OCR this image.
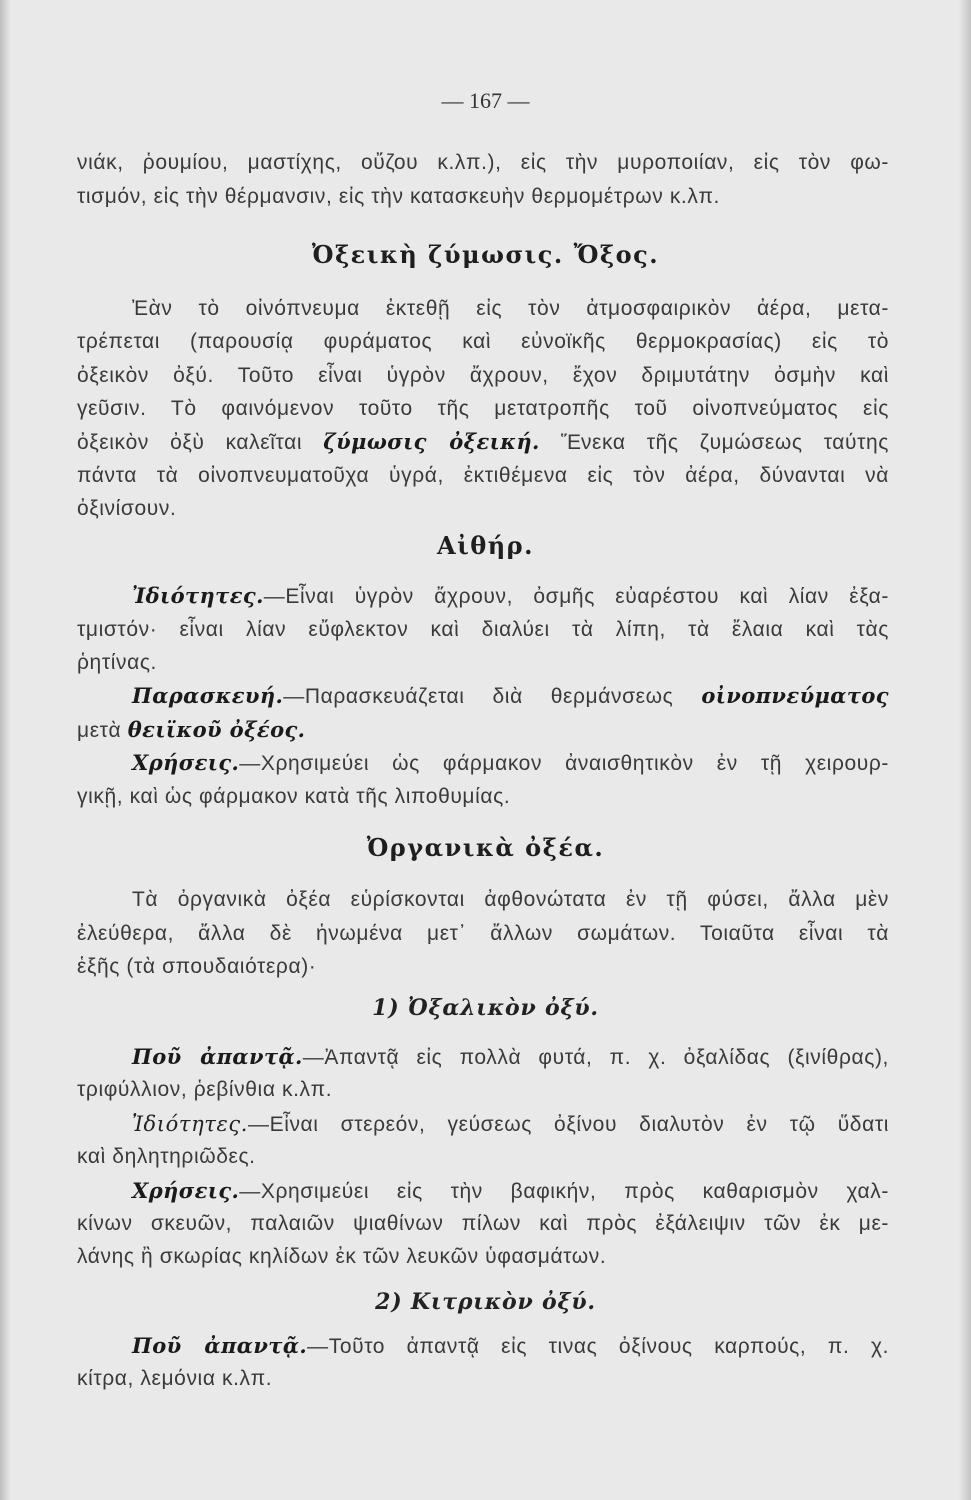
— 167 —
νιάκ, ῥουμίου, μαστίχης, οὔζου κ.λπ.), εἰς τὴν μυροποιίαν, εἰς τὸν φω-
τισμόν, εἰς τὴν θέρμανσιν, εἰς τὴν κατασκευὴν θερμομέτρων κ.λπ.
Ὀξεικὴ ζύμωσις. Ὄξος.
Ἐὰν τὸ οἰνόπνευμα ἐκτεθῇ εἰς τὸν ἀτμοσφαιρικὸν ἀέρα, μετα-
τρέπεται (παρουσίᾳ φυράματος καὶ εὐνοϊκῆς θερμοκρασίας) εἰς τὸ
ὀξεικὸν ὀξύ. Τοῦτο εἶναι ὑγρὸν ἄχρουν, ἔχον δριμυτάτην ὀσμὴν καὶ
γεῦσιν. Τὸ φαινόμενον τοῦτο τῆς μετατροπῆς τοῦ οἰνοπνεύματος εἰς
ὀξεικὸν ὀξὺ καλεῖται ζύμωσις ὀξεική. Ἕνεκα τῆς ζυμώσεως ταύτης
πάντα τὰ οἰνοπνευματοῦχα ὑγρά, ἐκτιθέμενα εἰς τὸν ἀέρα, δύνανται νὰ
ὀξινίσουν.
Αἰθήρ.
Ἰδιότητες.—Εἶναι ὑγρὸν ἄχρουν, ὀσμῆς εὐαρέστου καὶ λίαν ἐξα-
τμιστόν· εἶναι λίαν εὔφλεκτον καὶ διαλύει τὰ λίπη, τὰ ἔλαια καὶ τὰς
ῥητίνας.
Παρασκευή.—Παρασκευάζεται διὰ θερμάνσεως οἰνοπνεύματος
μετὰ θειϊκοῦ ὀξέος.
Χρήσεις.—Χρησιμεύει ὡς φάρμακον ἀναισθητικὸν ἐν τῇ χειρουρ-
γικῇ, καὶ ὡς φάρμακον κατὰ τῆς λιποθυμίας.
Ὀργανικὰ ὀξέα.
Τὰ ὀργανικὰ ὀξέα εὑρίσκονται ἀφθονώτατα ἐν τῇ φύσει, ἄλλα μὲν
ἐλεύθερα, ἄλλα δὲ ἡνωμένα μετ᾽ ἄλλων σωμάτων. Τοιαῦτα εἶναι τὰ
ἑξῆς (τὰ σπουδαιότερα)·
1) Ὀξαλικὸν ὀξύ.
Ποῦ ἀπαντᾷ.—Ἀπαντᾷ εἰς πολλὰ φυτά, π. χ. ὀξαλίδας (ξινίθρας),
τριφύλλιον, ῥεβίνθια κ.λπ.
Ἰδιότητες.—Εἶναι στερεόν, γεύσεως ὀξίνου διαλυτὸν ἐν τῷ ὕδατι
καὶ δηλητηριῶδες.
Χρήσεις.—Χρησιμεύει εἰς τὴν βαφικήν, πρὸς καθαρισμὸν χαλ-
κίνων σκευῶν, παλαιῶν ψιαθίνων πίλων καὶ πρὸς ἐξάλειψιν τῶν ἐκ με-
λάνης ἢ σκωρίας κηλίδων ἐκ τῶν λευκῶν ὑφασμάτων.
2) Κιτρικὸν ὀξύ.
Ποῦ ἀπαντᾷ.—Τοῦτο ἀπαντᾷ εἰς τινας ὀξίνους καρπούς, π. χ.
κίτρα, λεμόνια κ.λπ.
